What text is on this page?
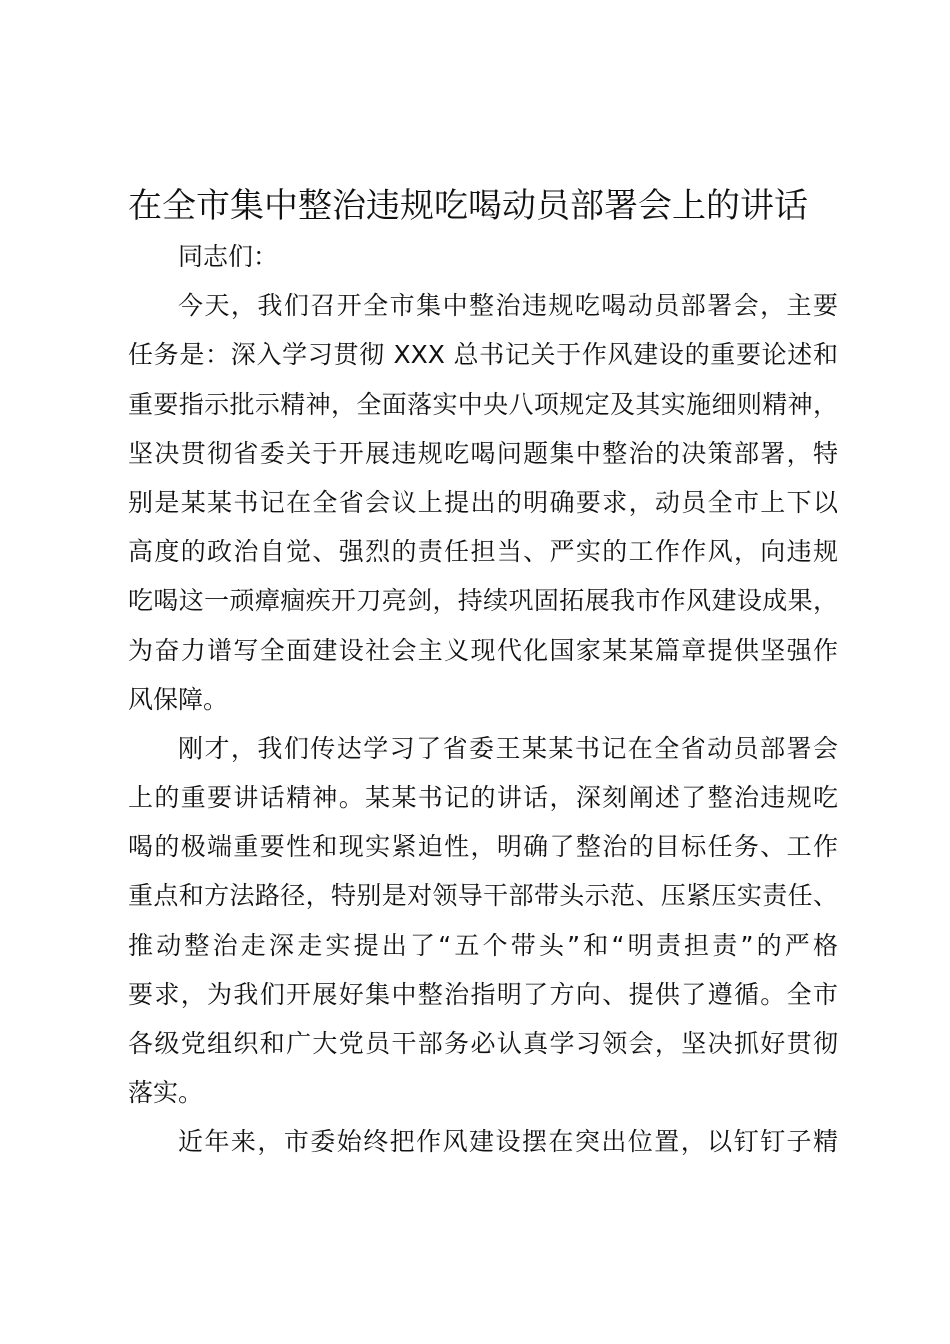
在全市集中整治违规吃喝动员部署会上的讲话
同志们：
今天，我们召开全市集中整治违规吃喝动员部署会，主要
任务是：深入学习贯彻 XXX 总书记关于作风建设的重要论述和
重要指示批示精神，全面落实中央八项规定及其实施细则精神，
坚决贯彻省委关于开展违规吃喝问题集中整治的决策部署，特
别是某某书记在全省会议上提出的明确要求，动员全市上下以
高度的政治自觉、强烈的责任担当、严实的工作作风，向违规
吃喝这一顽瘴痼疾开刀亮剑，持续巩固拓展我市作风建设成果，
为奋力谱写全面建设社会主义现代化国家某某篇章提供坚强作
风保障。
刚才，我们传达学习了省委王某某书记在全省动员部署会
上的重要讲话精神。某某书记的讲话，深刻阐述了整治违规吃
喝的极端重要性和现实紧迫性，明确了整治的目标任务、工作
重点和方法路径，特别是对领导干部带头示范、压紧压实责任、
推动整治走深走实提出了“五个带头”和“明责担责”的严格
要求，为我们开展好集中整治指明了方向、提供了遵循。全市
各级党组织和广大党员干部务必认真学习领会，坚决抓好贯彻
落实。
近年来，市委始终把作风建设摆在突出位置，以钉钉子精
